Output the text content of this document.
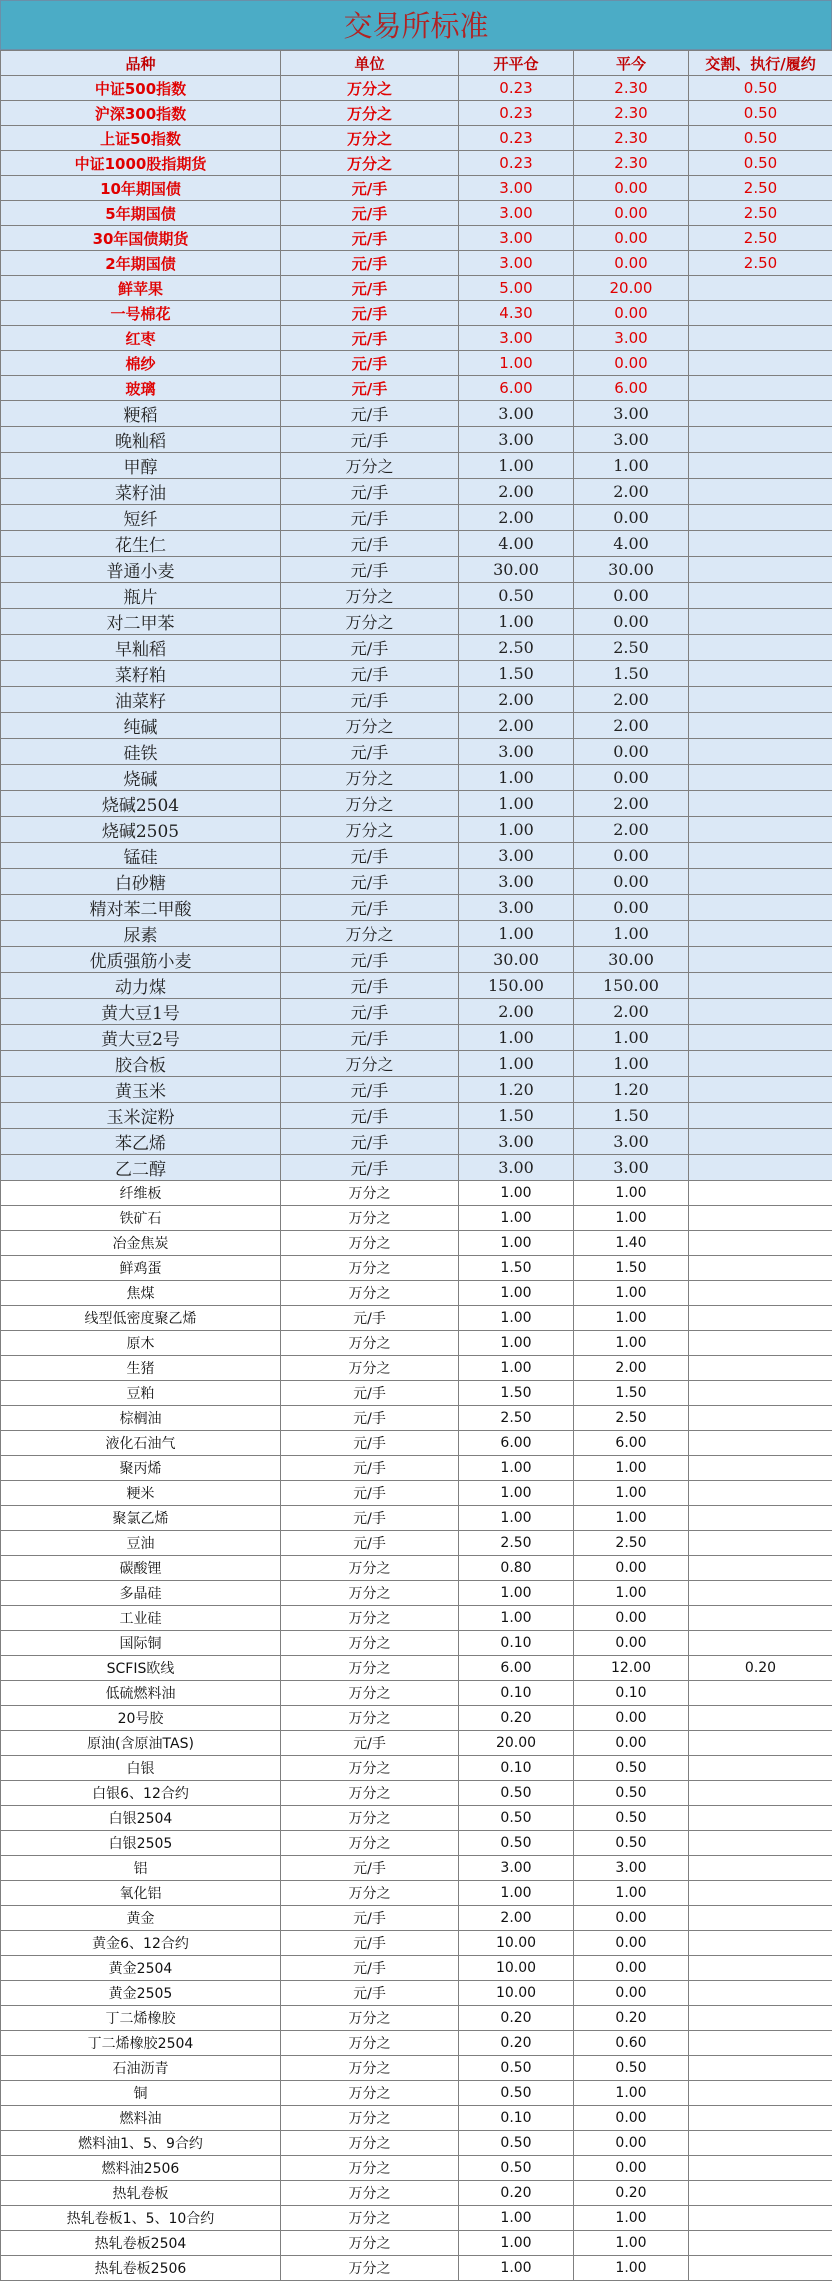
交易所标准
品种	单位	开平仓	平今	交割、执行/履约
中证500指数	万分之	0.23	2.30	0.50
沪深300指数	万分之	0.23	2.30	0.50
上证50指数	万分之	0.23	2.30	0.50
中证1000股指期货	万分之	0.23	2.30	0.50
10年期国债	元/手	3.00	0.00	2.50
5年期国债	元/手	3.00	0.00	2.50
30年国债期货	元/手	3.00	0.00	2.50
2年期国债	元/手	3.00	0.00	2.50
鲜苹果	元/手	5.00	20.00	
一号棉花	元/手	4.30	0.00	
红枣	元/手	3.00	3.00	
棉纱	元/手	1.00	0.00	
玻璃	元/手	6.00	6.00	
粳稻	元/手	3.00	3.00	
晚籼稻	元/手	3.00	3.00	
甲醇	万分之	1.00	1.00	
菜籽油	元/手	2.00	2.00	
短纤	元/手	2.00	0.00	
花生仁	元/手	4.00	4.00	
普通小麦	元/手	30.00	30.00	
瓶片	万分之	0.50	0.00	
对二甲苯	万分之	1.00	0.00	
早籼稻	元/手	2.50	2.50	
菜籽粕	元/手	1.50	1.50	
油菜籽	元/手	2.00	2.00	
纯碱	万分之	2.00	2.00	
硅铁	元/手	3.00	0.00	
烧碱	万分之	1.00	0.00	
烧碱2504	万分之	1.00	2.00	
烧碱2505	万分之	1.00	2.00	
锰硅	元/手	3.00	0.00	
白砂糖	元/手	3.00	0.00	
精对苯二甲酸	元/手	3.00	0.00	
尿素	万分之	1.00	1.00	
优质强筋小麦	元/手	30.00	30.00	
动力煤	元/手	150.00	150.00	
黄大豆1号	元/手	2.00	2.00	
黄大豆2号	元/手	1.00	1.00	
胶合板	万分之	1.00	1.00	
黄玉米	元/手	1.20	1.20	
玉米淀粉	元/手	1.50	1.50	
苯乙烯	元/手	3.00	3.00	
乙二醇	元/手	3.00	3.00	
纤维板	万分之	1.00	1.00	
铁矿石	万分之	1.00	1.00	
冶金焦炭	万分之	1.00	1.40	
鲜鸡蛋	万分之	1.50	1.50	
焦煤	万分之	1.00	1.00	
线型低密度聚乙烯	元/手	1.00	1.00	
原木	万分之	1.00	1.00	
生猪	万分之	1.00	2.00	
豆粕	元/手	1.50	1.50	
棕榈油	元/手	2.50	2.50	
液化石油气	元/手	6.00	6.00	
聚丙烯	元/手	1.00	1.00	
粳米	元/手	1.00	1.00	
聚氯乙烯	元/手	1.00	1.00	
豆油	元/手	2.50	2.50	
碳酸锂	万分之	0.80	0.00	
多晶硅	万分之	1.00	1.00	
工业硅	万分之	1.00	0.00	
国际铜	万分之	0.10	0.00	
SCFIS欧线	万分之	6.00	12.00	0.20
低硫燃料油	万分之	0.10	0.10	
20号胶	万分之	0.20	0.00	
原油(含原油TAS)	元/手	20.00	0.00	
白银	万分之	0.10	0.50	
白银6、12合约	万分之	0.50	0.50	
白银2504	万分之	0.50	0.50	
白银2505	万分之	0.50	0.50	
铝	元/手	3.00	3.00	
氧化铝	万分之	1.00	1.00	
黄金	元/手	2.00	0.00	
黄金6、12合约	元/手	10.00	0.00	
黄金2504	元/手	10.00	0.00	
黄金2505	元/手	10.00	0.00	
丁二烯橡胶	万分之	0.20	0.20	
丁二烯橡胶2504	万分之	0.20	0.60	
石油沥青	万分之	0.50	0.50	
铜	万分之	0.50	1.00	
燃料油	万分之	0.10	0.00	
燃料油1、5、9合约	万分之	0.50	0.00	
燃料油2506	万分之	0.50	0.00	
热轧卷板	万分之	0.20	0.20	
热轧卷板1、5、10合约	万分之	1.00	1.00	
热轧卷板2504	万分之	1.00	1.00	
热轧卷板2506	万分之	1.00	1.00	
